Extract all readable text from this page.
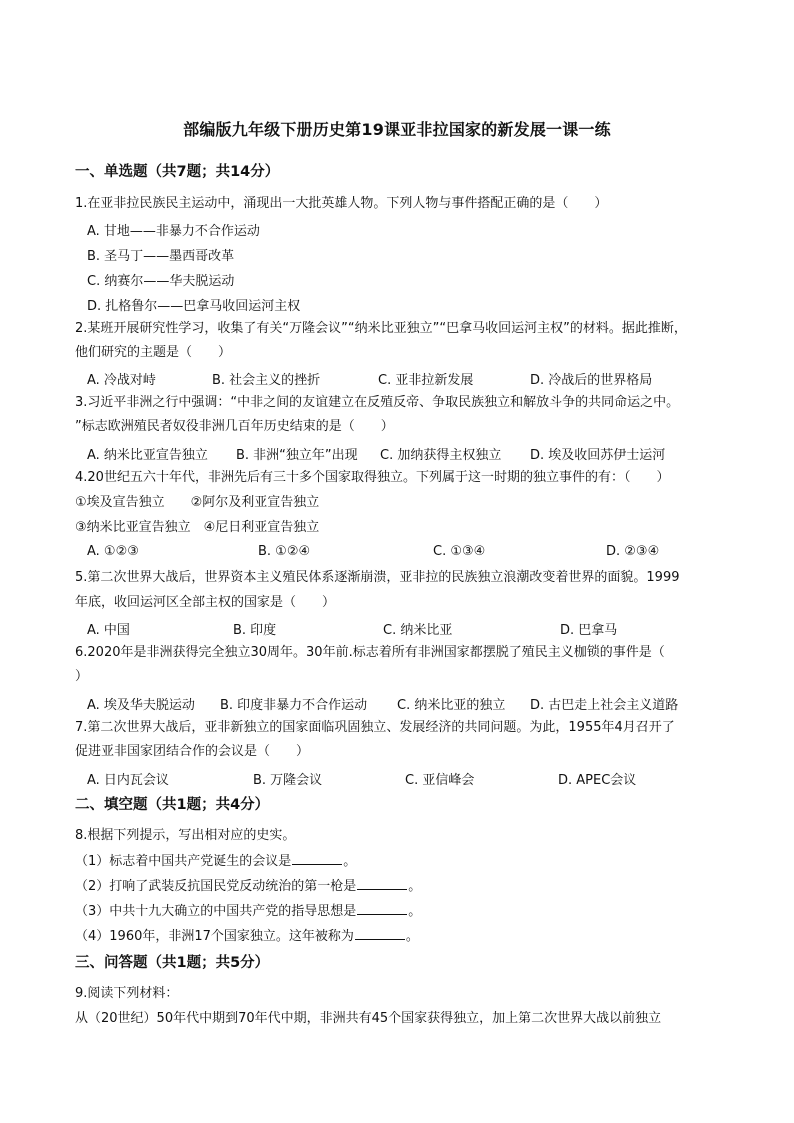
部编版九年级下册历史第19课亚非拉国家的新发展一课一练
一、单选题（共7题；共14分）
1.在亚非拉民族民主运动中，涌现出一大批英雄人物。下列人物与事件搭配正确的是（　　）
A. 甘地——非暴力不合作运动
B. 圣马丁——墨西哥改革
C. 纳赛尔——华夫脱运动
D. 扎格鲁尔——巴拿马收回运河主权
2.某班开展研究性学习，收集了有关“万隆会议”“纳米比亚独立”“巴拿马收回运河主权”的材料。据此推断，
他们研究的主题是（　　）
A. 冷战对峙	B. 社会主义的挫折	C. 亚非拉新发展	D. 冷战后的世界格局
3.习近平非洲之行中强调：“中非之间的友谊建立在反殖反帝、争取民族独立和解放斗争的共同命运之中。
”标志欧洲殖民者奴役非洲几百年历史结束的是（　　）
A. 纳米比亚宣告独立 B. 非洲“独立年”出现 C. 加纳获得主权独立 D. 埃及收回苏伊士运河
4.20世纪五六十年代，非洲先后有三十多个国家取得独立。下列属于这一时期的独立事件的有：（　　）
①埃及宣告独立　　②阿尔及利亚宣告独立
③纳米比亚宣告独立　④尼日利亚宣告独立
A. ①②③	B. ①②④	C. ①③④	D. ②③④
5.第二次世界大战后，世界资本主义殖民体系逐渐崩溃，亚非拉的民族独立浪潮改变着世界的面貌。1999
年底，收回运河区全部主权的国家是（　　）
A. 中国	B. 印度	C. 纳米比亚	D. 巴拿马
6.2020年是非洲获得完全独立30周年。30年前.标志着所有非洲国家都摆脱了殖民主义枷锁的事件是（
）
A. 埃及华夫脱运动 B. 印度非暴力不合作运动 C. 纳米比亚的独立 D. 古巴走上社会主义道路
7.第二次世界大战后，亚非新独立的国家面临巩固独立、发展经济的共同问题。为此，1955年4月召开了
促进亚非国家团结合作的会议是（　　）
A. 日内瓦会议	B. 万隆会议	C. 亚信峰会	D. APEC会议
二、填空题（共1题；共4分）
8.根据下列提示，写出相对应的史实。
（1）标志着中国共产党诞生的会议是	。
（2）打响了武装反抗国民党反动统治的第一枪是	。
（3）中共十九大确立的中国共产党的指导思想是	。
（4）1960年，非洲17个国家独立。这年被称为	。
三、问答题（共1题；共5分）
9.阅读下列材料：
从（20世纪）50年代中期到70年代中期，非洲共有45个国家获得独立，加上第二次世界大战以前独立
